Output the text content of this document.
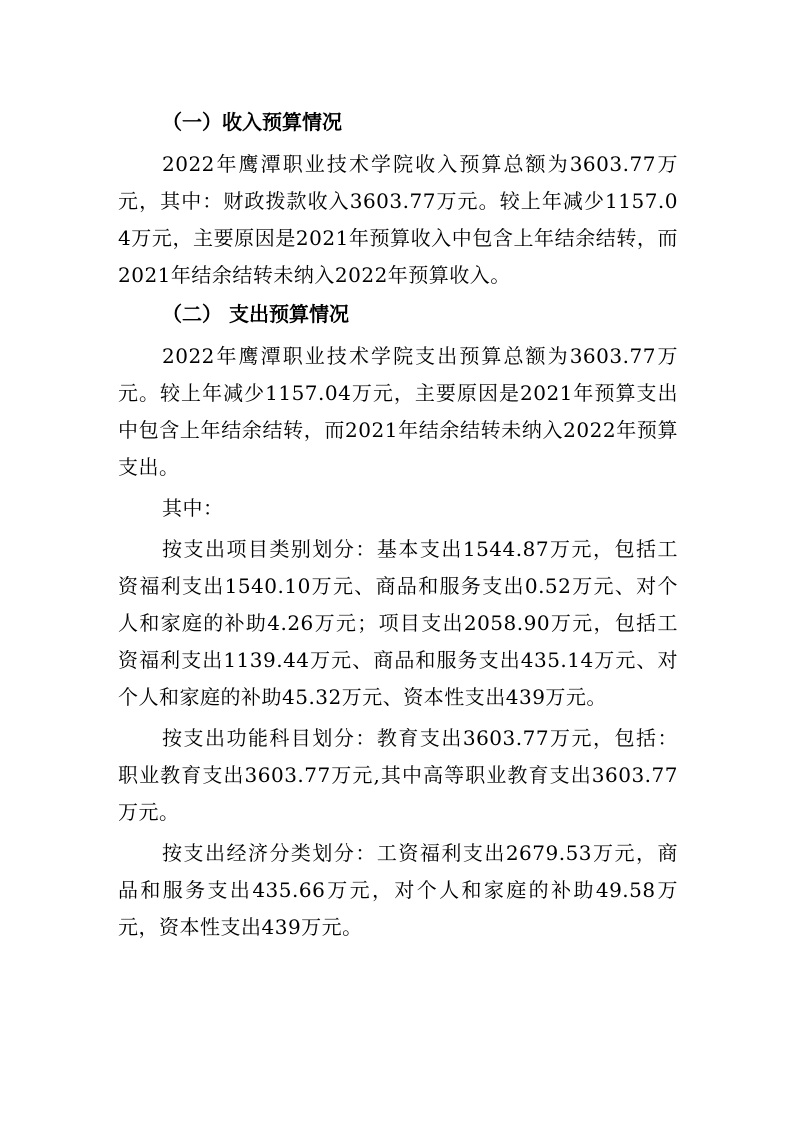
（一）收入预算情况

2022年鹰潭职业技术学院收入预算总额为3603.77万元，其中：财政拨款收入3603.77万元。较上年减少1157.04万元，主要原因是2021年预算收入中包含上年结余结转，而2021年结余结转未纳入2022年预算收入。

（二） 支出预算情况

2022年鹰潭职业技术学院支出预算总额为3603.77万元。较上年减少1157.04万元，主要原因是2021年预算支出中包含上年结余结转，而2021年结余结转未纳入2022年预算支出。

其中：

按支出项目类别划分：基本支出1544.87万元，包括工资福利支出1540.10万元、商品和服务支出0.52万元、对个人和家庭的补助4.26万元；项目支出2058.90万元，包括工资福利支出1139.44万元、商品和服务支出435.14万元、对个人和家庭的补助45.32万元、资本性支出439万元。

按支出功能科目划分：教育支出3603.77万元，包括：职业教育支出3603.77万元,其中高等职业教育支出3603.77万元。

按支出经济分类划分：工资福利支出2679.53万元，商品和服务支出435.66万元，对个人和家庭的补助49.58万元，资本性支出439万元。
